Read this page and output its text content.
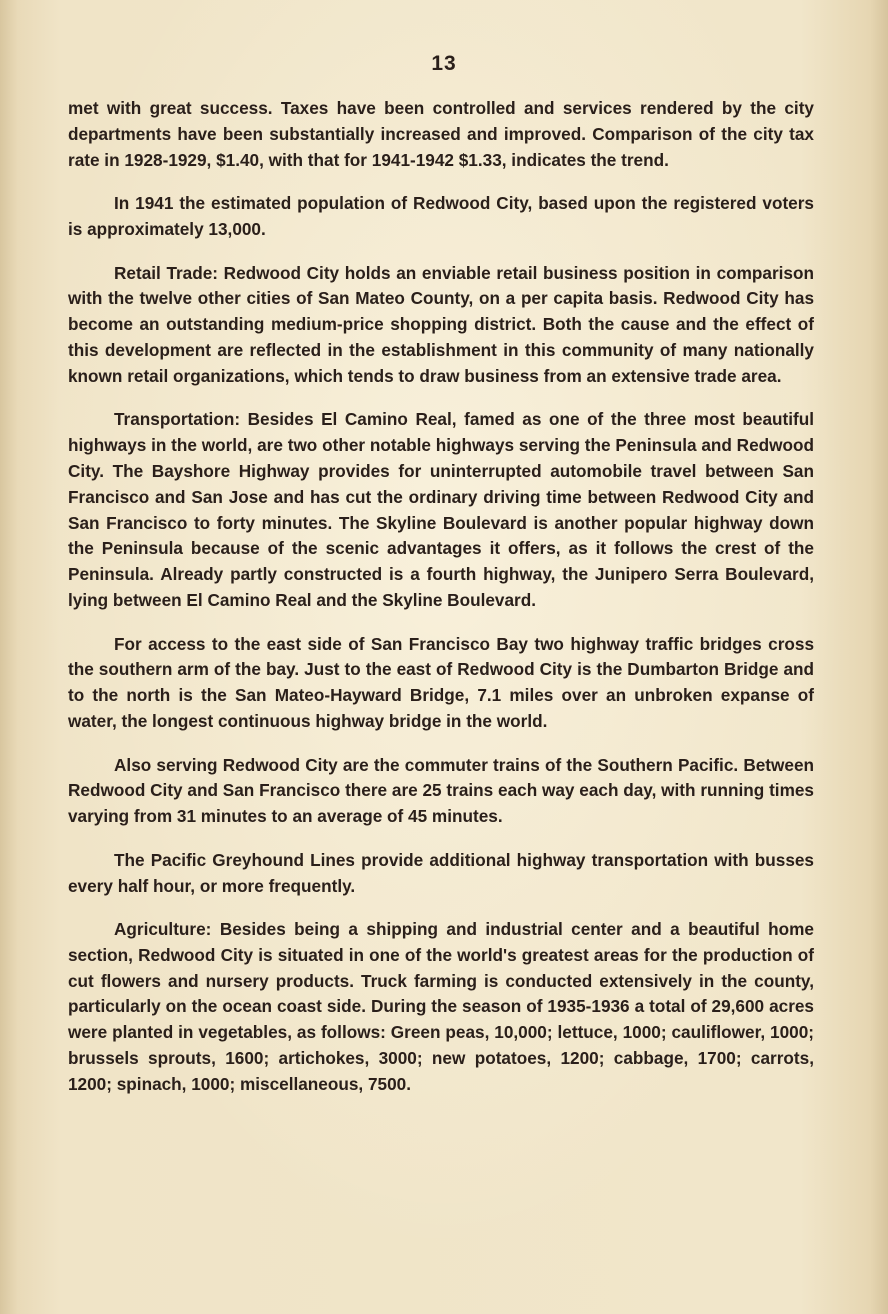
13

met with great success. Taxes have been controlled and services rendered by the city departments have been substantially increased and improved. Comparison of the city tax rate in 1928-1929, $1.40, with that for 1941-1942 $1.33, indicates the trend.

In 1941 the estimated population of Redwood City, based upon the registered voters is approximately 13,000.

Retail Trade: Redwood City holds an enviable retail business position in comparison with the twelve other cities of San Mateo County, on a per capita basis. Redwood City has become an outstanding medium-price shopping district. Both the cause and the effect of this development are reflected in the establishment in this community of many nationally known retail organizations, which tends to draw business from an extensive trade area.

Transportation: Besides El Camino Real, famed as one of the three most beautiful highways in the world, are two other notable highways serving the Peninsula and Redwood City. The Bayshore Highway provides for uninterrupted automobile travel between San Francisco and San Jose and has cut the ordinary driving time between Redwood City and San Francisco to forty minutes. The Skyline Boulevard is another popular highway down the Peninsula because of the scenic advantages it offers, as it follows the crest of the Peninsula. Already partly constructed is a fourth highway, the Junipero Serra Boulevard, lying between El Camino Real and the Skyline Boulevard.

For access to the east side of San Francisco Bay two highway traffic bridges cross the southern arm of the bay. Just to the east of Redwood City is the Dumbarton Bridge and to the north is the San Mateo-Hayward Bridge, 7.1 miles over an unbroken expanse of water, the longest continuous highway bridge in the world.

Also serving Redwood City are the commuter trains of the Southern Pacific. Between Redwood City and San Francisco there are 25 trains each way each day, with running times varying from 31 minutes to an average of 45 minutes.

The Pacific Greyhound Lines provide additional highway transportation with busses every half hour, or more frequently.

Agriculture: Besides being a shipping and industrial center and a beautiful home section, Redwood City is situated in one of the world's greatest areas for the production of cut flowers and nursery products. Truck farming is conducted extensively in the county, particularly on the ocean coast side. During the season of 1935-1936 a total of 29,600 acres were planted in vegetables, as follows: Green peas, 10,000; lettuce, 1000; cauliflower, 1000; brussels sprouts, 1600; artichokes, 3000; new potatoes, 1200; cabbage, 1700; carrots, 1200; spinach, 1000; miscellaneous, 7500.
